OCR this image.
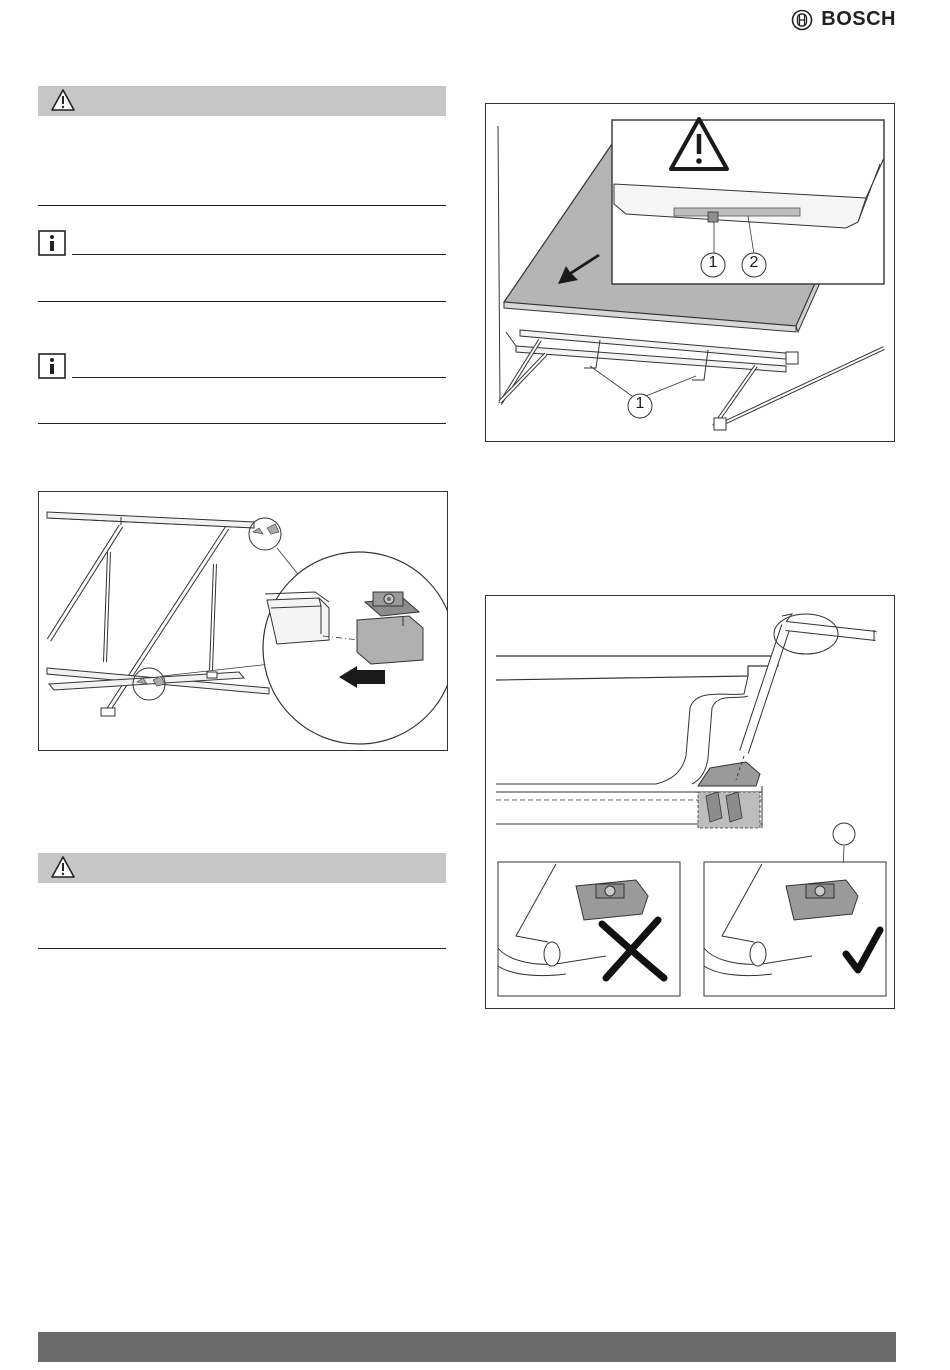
BOSCH
1	2
1
